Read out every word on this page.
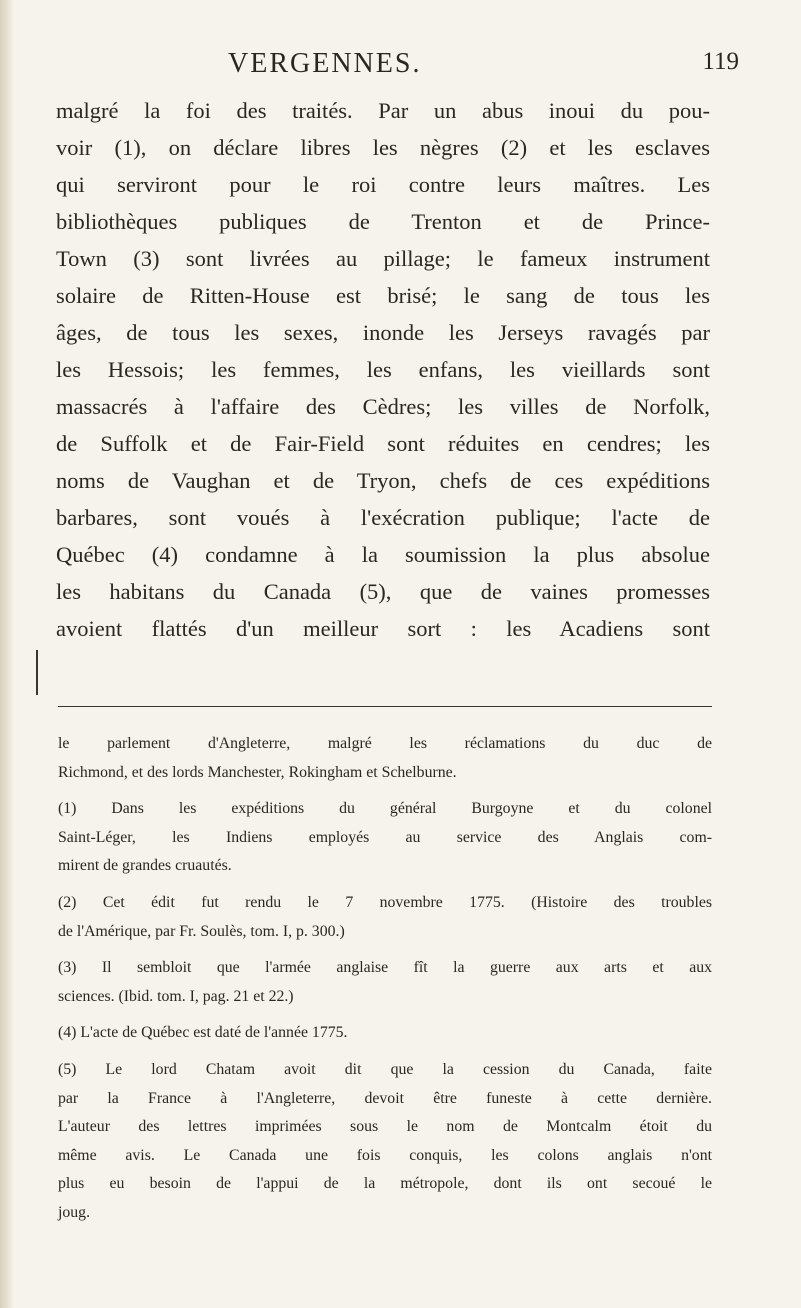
VERGENNES.	119
malgré la foi des traités. Par un abus inoui du pou-
voir (1), on déclare libres les nègres (2) et les esclaves
qui serviront pour le roi contre leurs maîtres. Les
bibliothèques publiques de Trenton et de Prince-
Town (3) sont livrées au pillage; le fameux instrument
solaire de Ritten-House est brisé; le sang de tous les
âges, de tous les sexes, inonde les Jerseys ravagés par
les Hessois; les femmes, les enfans, les vieillards sont
massacrés à l'affaire des Cèdres; les villes de Norfolk,
de Suffolk et de Fair-Field sont réduites en cendres; les
noms de Vaughan et de Tryon, chefs de ces expéditions
barbares, sont voués à l'exécration publique; l'acte de
Québec (4) condamne à la soumission la plus absolue
les habitans du Canada (5), que de vaines promesses
avoient flattés d'un meilleur sort : les Acadiens sont
le parlement d'Angleterre, malgré les réclamations du duc de
Richmond, et des lords Manchester, Rokingham et Schelburne.
(1) Dans les expéditions du général Burgoyne et du colonel
Saint-Léger, les Indiens employés au service des Anglais com-
mirent de grandes cruautés.
(2) Cet édit fut rendu le 7 novembre 1775. (Histoire des troubles
de l'Amérique, par Fr. Soulès, tom. I, p. 300.)
(3) Il sembloit que l'armée anglaise fît la guerre aux arts et aux
sciences. (Ibid. tom. I, pag. 21 et 22.)
(4) L'acte de Québec est daté de l'année 1775.
(5) Le lord Chatam avoit dit que la cession du Canada, faite
par la France à l'Angleterre, devoit être funeste à cette dernière.
L'auteur des lettres imprimées sous le nom de Montcalm étoit du
même avis. Le Canada une fois conquis, les colons anglais n'ont
plus eu besoin de l'appui de la métropole, dont ils ont secoué le
joug.
